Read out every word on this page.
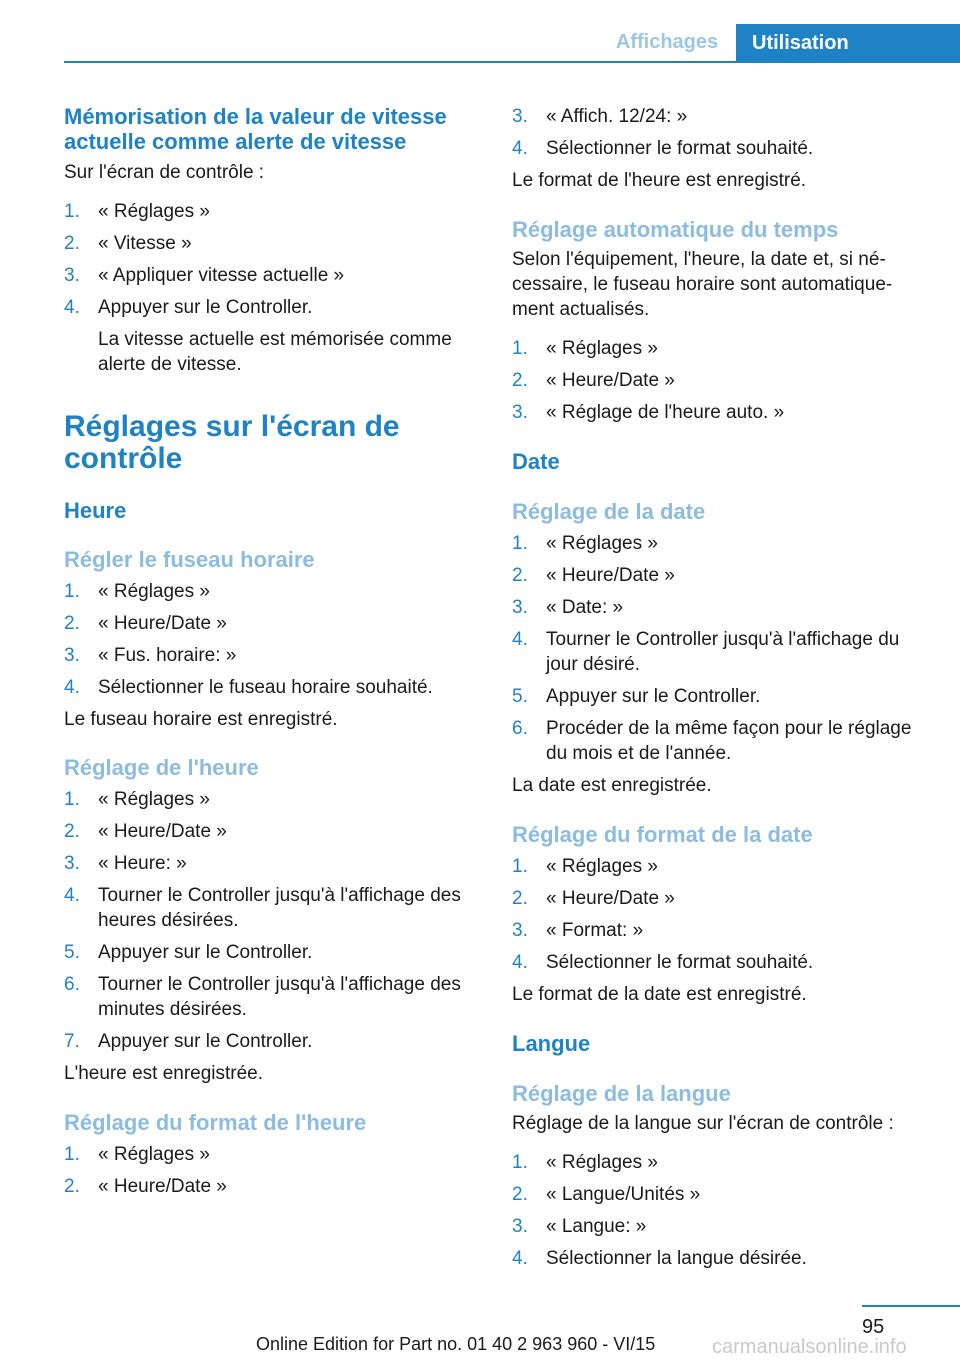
Affichages	Utilisation
Mémorisation de la valeur de vitesse actuelle comme alerte de vitesse

Sur l'écran de contrôle :

1. « Réglages »
2. « Vitesse »
3. « Appliquer vitesse actuelle »
4. Appuyer sur le Controller.
La vitesse actuelle est mémorisée comme alerte de vitesse.
Réglages sur l'écran de contrôle
Heure
Régler le fuseau horaire
1. « Réglages »
2. « Heure/Date »
3. « Fus. horaire: »
4. Sélectionner le fuseau horaire souhaité.

Le fuseau horaire est enregistré.

Réglage de l'heure
1. « Réglages »
2. « Heure/Date »
3. « Heure: »
4. Tourner le Controller jusqu'à l'affichage des heures désirées.
5. Appuyer sur le Controller.
6. Tourner le Controller jusqu'à l'affichage des minutes désirées.
7. Appuyer sur le Controller.

L'heure est enregistrée.

Réglage du format de l'heure
1. « Réglages »
2. « Heure/Date »
3. « Affich. 12/24: »
4. Sélectionner le format souhaité.

Le format de l'heure est enregistré.

Réglage automatique du temps

Selon l'équipement, l'heure, la date et, si né- cessaire, le fuseau horaire sont automatique- ment actualisés.

1. « Réglages »
2. « Heure/Date »
3. « Réglage de l'heure auto. »
Date
Réglage de la date
1. « Réglages »
2. « Heure/Date »
3. « Date: »
4. Tourner le Controller jusqu'à l'affichage du jour désiré.
5. Appuyer sur le Controller.
6. Procéder de la même façon pour le réglage du mois et de l'année.

La date est enregistrée.

Réglage du format de la date
1. « Réglages »
2. « Heure/Date »
3. « Format: »
4. Sélectionner le format souhaité.

Le format de la date est enregistré.

Langue
Réglage de la langue

Réglage de la langue sur l'écran de contrôle :

1. « Réglages »
2. « Langue/Unités »
3. « Langue: »
4. Sélectionner la langue désirée.
95
Online Edition for Part no. 01 40 2 963 960 - VI/15	carmanualsonline.info
